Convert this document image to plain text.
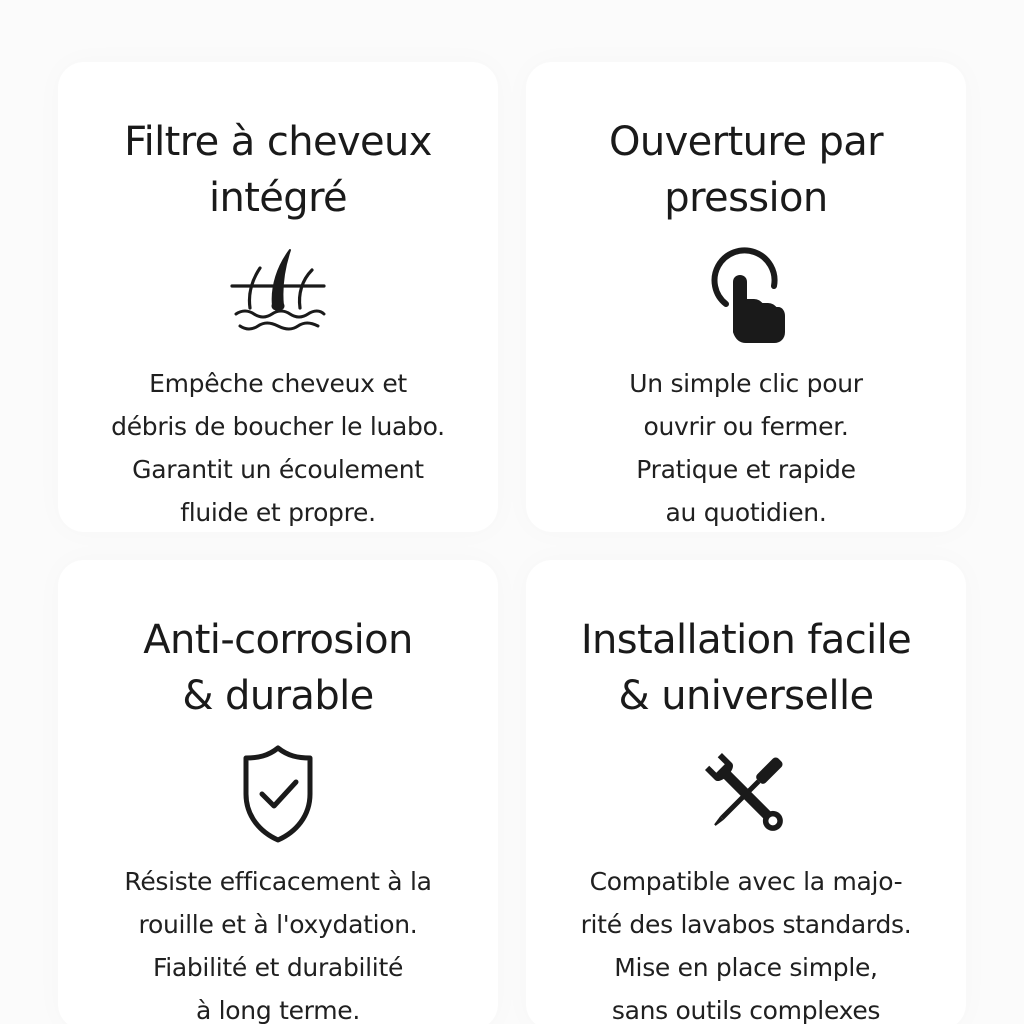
Filtre à cheveux
intégré

Empêche cheveux et
débris de boucher le luabo.
Garantit un écoulement
fluide et propre.

Ouverture par
pression

Un simple clic pour
ouvrir ou fermer.
Pratique et rapide
au quotidien.

Anti-corrosion
& durable

Résiste efficacement à la
rouille et à l'oxydation.
Fiabilité et durabilité
à long terme.

Installation facile
& universelle

Compatible avec la majo-
rité des lavabos standards.
Mise en place simple,
sans outils complexes
